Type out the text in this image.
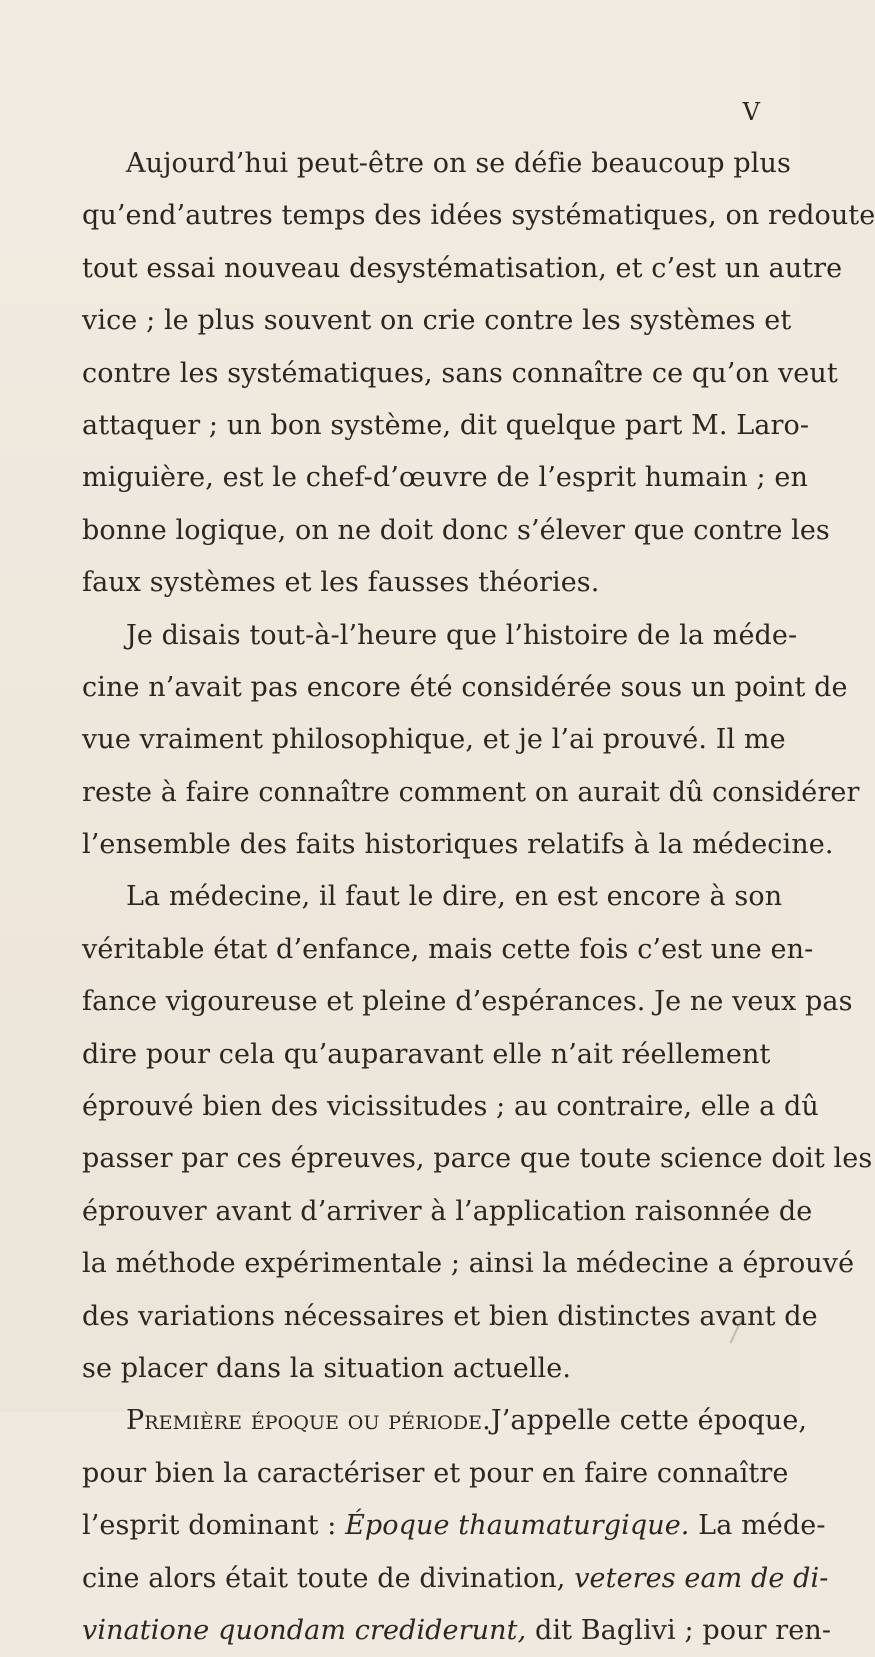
V
Aujourd’hui peut-être on se défie beaucoup plus
qu’end’autres temps des idées systématiques, on redoute
tout essai nouveau desystématisation, et c’est un autre
vice ; le plus souvent on crie contre les systèmes et
contre les systématiques, sans connaître ce qu’on veut
attaquer ; un bon système, dit quelque part M. Laro-
miguière, est le chef-d’œuvre de l’esprit humain ; en
bonne logique, on ne doit donc s’élever que contre les
faux systèmes et les fausses théories.
Je disais tout-à-l’heure que l’histoire de la méde-
cine n’avait pas encore été considérée sous un point de
vue vraiment philosophique, et je l’ai prouvé. Il me
reste à faire connaître comment on aurait dû considérer
l’ensemble des faits historiques relatifs à la médecine.
La médecine, il faut le dire, en est encore à son
véritable état d’enfance, mais cette fois c’est une en-
fance vigoureuse et pleine d’espérances. Je ne veux pas
dire pour cela qu’auparavant elle n’ait réellement
éprouvé bien des vicissitudes ; au contraire, elle a dû
passer par ces épreuves, parce que toute science doit les
éprouver avant d’arriver à l’application raisonnée de
la méthode expérimentale ; ainsi la médecine a éprouvé
des variations nécessaires et bien distinctes avant de
se placer dans la situation actuelle.
Première époque ou période.J’appelle cette époque,
pour bien la caractériser et pour en faire connaître
l’esprit dominant : Époque thaumaturgique. La méde-
cine alors était toute de divination, veteres eam de di-
vinatione quondam crediderunt, dit Baglivi ; pour ren-
